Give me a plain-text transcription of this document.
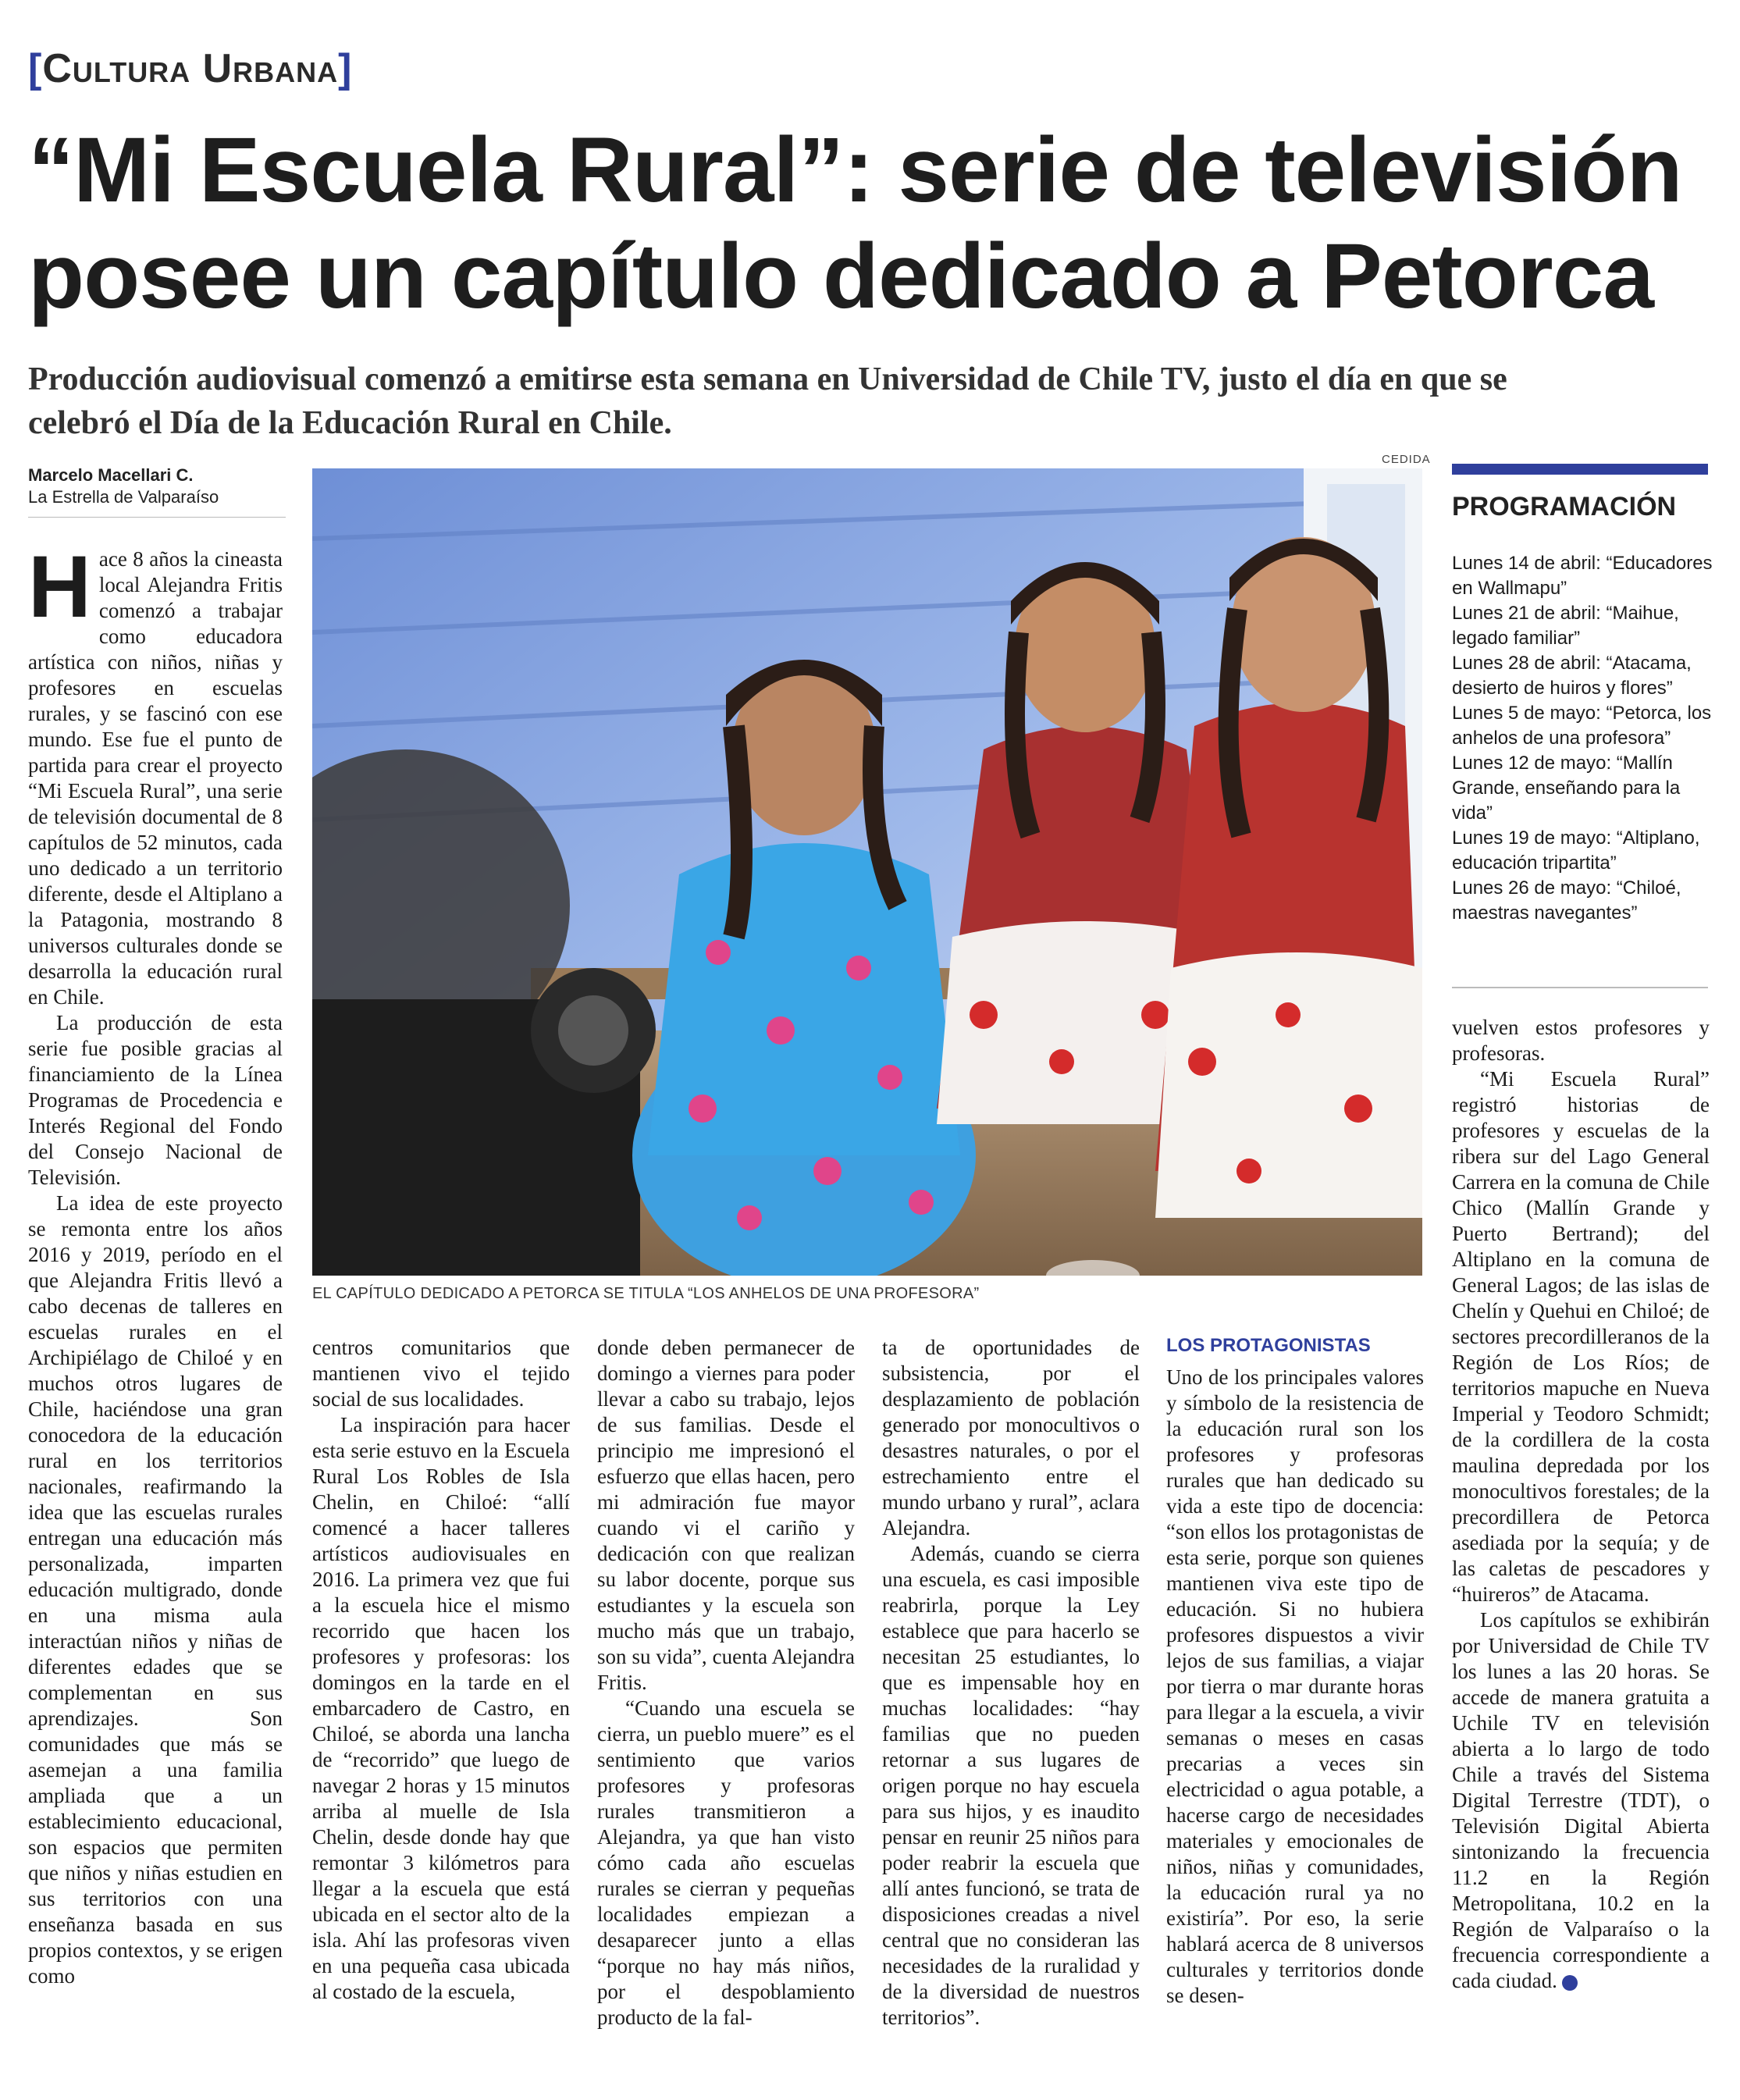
[Cultura Urbana]
“Mi Escuela Rural”: serie de televisión posee un capítulo dedicado a Petorca
Producción audiovisual comenzó a emitirse esta semana en Universidad de Chile TV, justo el día en que se celebró el Día de la Educación Rural en Chile.
Marcelo Macellari C.
La Estrella de Valparaíso
CEDIDA
EL CAPÍTULO DEDICADO A PETORCA SE TITULA “LOS ANHELOS DE UNA PROFESORA”
PROGRAMACIÓN
Lunes 14 de abril: “Educadores en Wallmapu”
Lunes 21 de abril: “Maihue, legado familiar”
Lunes 28 de abril: “Atacama, desierto de huiros y flores”
Lunes 5 de mayo: “Petorca, los anhelos de una profesora”
Lunes 12 de mayo: “Mallín Grande, enseñando para la vida”
Lunes 19 de mayo: “Altiplano, educación tripartita”
Lunes 26 de mayo: “Chiloé, maestras navegantes”

Hace 8 años la cineasta local Alejandra Fritis comenzó a trabajar como educadora artística con niños, niñas y profesores en escuelas rurales, y se fascinó con ese mundo. Ese fue el punto de partida para crear el proyecto “Mi Escuela Rural”, una serie de televisión documental de 8 capítulos de 52 minutos, cada uno dedicado a un territorio diferente, desde el Altiplano a la Patagonia, mostrando 8 universos culturales donde se desarrolla la educación rural en Chile.

La producción de esta serie fue posible gracias al financiamiento de la Línea Programas de Procedencia e Interés Regional del Fondo del Consejo Nacional de Televisión.

La idea de este proyecto se remonta entre los años 2016 y 2019, período en el que Alejandra Fritis llevó a cabo decenas de talleres en escuelas rurales en el Archipiélago de Chiloé y en muchos otros lugares de Chile, haciéndose una gran conocedora de la educación rural en los territorios nacionales, reafirmando la idea que las escuelas rurales entregan una educación más personalizada, imparten educación multigrado, donde en una misma aula interactúan niños y niñas de diferentes edades que se complementan en sus aprendizajes. Son comunidades que más se asemejan a una familia ampliada que a un establecimiento educacional, son espacios que permiten que niños y niñas estudien en sus territorios con una enseñanza basada en sus propios contextos, y se erigen como

centros comunitarios que mantienen vivo el tejido social de sus localidades.

La inspiración para hacer esta serie estuvo en la Escuela Rural Los Robles de Isla Chelin, en Chiloé: “allí comencé a hacer talleres artísticos audiovisuales en 2016. La primera vez que fui a la escuela hice el mismo recorrido que hacen los profesores y profesoras: los domingos en la tarde en el embarcadero de Castro, en Chiloé, se aborda una lancha de “recorrido” que luego de navegar 2 horas y 15 minutos arriba al muelle de Isla Chelin, desde donde hay que remontar 3 kilómetros para llegar a la escuela que está ubicada en el sector alto de la isla. Ahí las profesoras viven en una pequeña casa ubicada al costado de la escuela,

donde deben permanecer de domingo a viernes para poder llevar a cabo su trabajo, lejos de sus familias. Desde el principio me impresionó el esfuerzo que ellas hacen, pero mi admiración fue mayor cuando vi el cariño y dedicación con que realizan su labor docente, porque sus estudiantes y la escuela son mucho más que un trabajo, son su vida”, cuenta Alejandra Fritis.

“Cuando una escuela se cierra, un pueblo muere” es el sentimiento que varios profesores y profesoras rurales transmitieron a Alejandra, ya que han visto cómo cada año escuelas rurales se cierran y pequeñas localidades empiezan a desaparecer junto a ellas “porque no hay más niños, por el despoblamiento producto de la fal-

ta de oportunidades de subsistencia, por el desplazamiento de población generado por monocultivos o desastres naturales, o por el estrechamiento entre el mundo urbano y rural”, aclara Alejandra.

Además, cuando se cierra una escuela, es casi imposible reabrirla, porque la Ley establece que para hacerlo se necesitan 25 estudiantes, lo que es impensable hoy en muchas localidades: “hay familias que no pueden retornar a sus lugares de origen porque no hay escuela para sus hijos, y es inaudito pensar en reunir 25 niños para poder reabrir la escuela que allí antes funcionó, se trata de disposiciones creadas a nivel central que no consideran las necesidades de la ruralidad y de la diversidad de nuestros territorios”.

LOS PROTAGONISTAS

Uno de los principales valores y símbolo de la resistencia de la educación rural son los profesores y profesoras rurales que han dedicado su vida a este tipo de docencia: “son ellos los protagonistas de esta serie, porque son quienes mantienen viva este tipo de educación. Si no hubiera profesores dispuestos a vivir lejos de sus familias, a viajar por tierra o mar durante horas para llegar a la escuela, a vivir semanas o meses en casas precarias a veces sin electricidad o agua potable, a hacerse cargo de necesidades materiales y emocionales de niños, niñas y comunidades, la educación rural ya no existiría”. Por eso, la serie hablará acerca de 8 universos culturales y territorios donde se desen-

vuelven estos profesores y profesoras.

“Mi Escuela Rural” registró historias de profesores y escuelas de la ribera sur del Lago General Carrera en la comuna de Chile Chico (Mallín Grande y Puerto Bertrand); del Altiplano en la comuna de General Lagos; de las islas de Chelín y Quehui en Chiloé; de sectores precordilleranos de la Región de Los Ríos; de territorios mapuche en Nueva Imperial y Teodoro Schmidt; de la cordillera de la costa maulina depredada por los monocultivos forestales; de la precordillera de Petorca asediada por la sequía; y de las caletas de pescadores y “huireros” de Atacama.

Los capítulos se exhibirán por Universidad de Chile TV los lunes a las 20 horas. Se accede de manera gratuita a Uchile TV en televisión abierta a lo largo de todo Chile a través del Sistema Digital Terrestre (TDT), o Televisión Digital Abierta sintonizando la frecuencia 11.2 en la Región Metropolitana, 10.2 en la Región de Valparaíso o la frecuencia correspondiente a cada ciudad.
